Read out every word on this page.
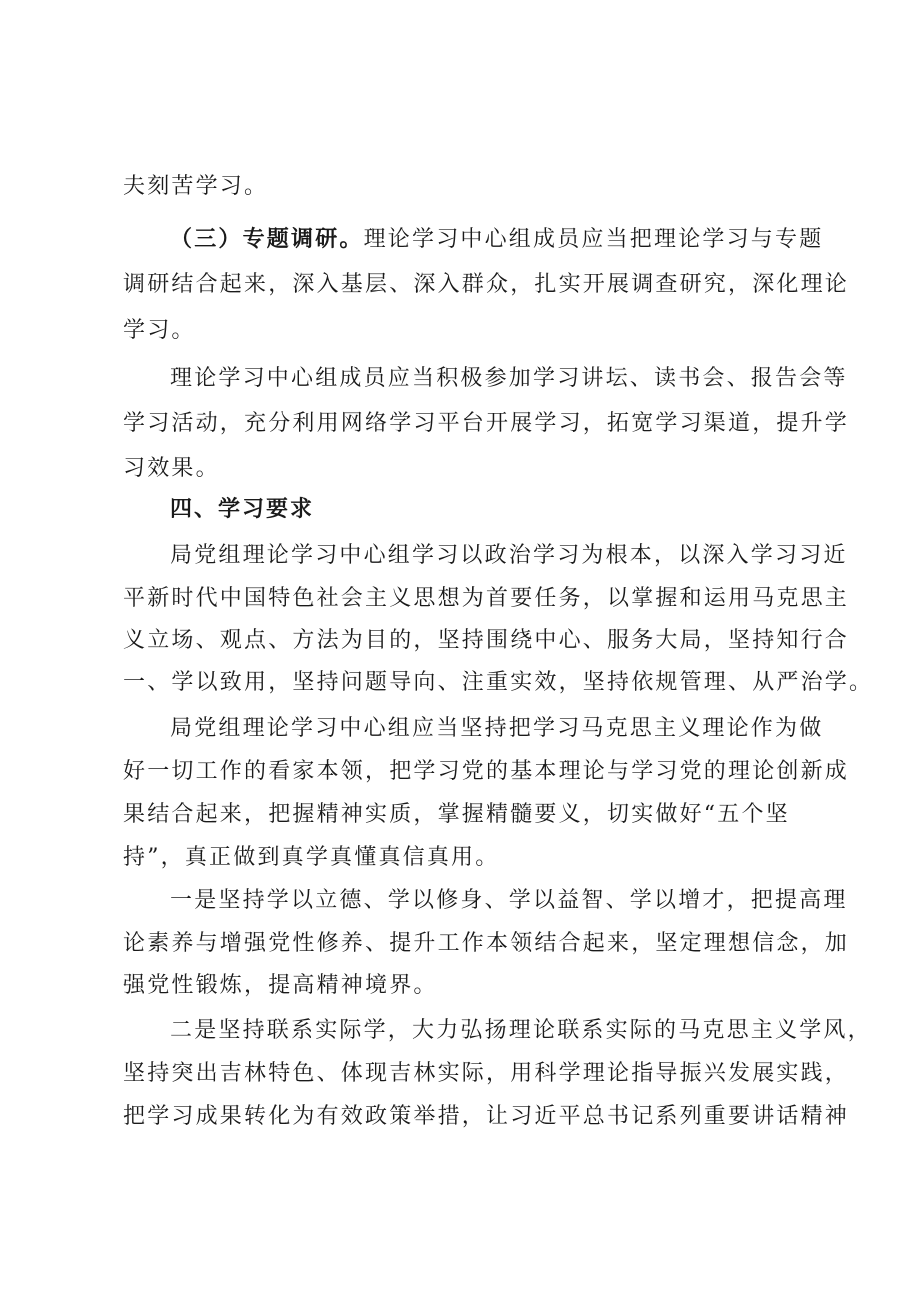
夫刻苦学习。
（三）专题调研。理论学习中心组成员应当把理论学习与专题
调研结合起来，深入基层、深入群众，扎实开展调查研究，深化理论
学习。
理论学习中心组成员应当积极参加学习讲坛、读书会、报告会等
学习活动，充分利用网络学习平台开展学习，拓宽学习渠道，提升学
习效果。
四、学习要求
局党组理论学习中心组学习以政治学习为根本，以深入学习习近
平新时代中国特色社会主义思想为首要任务，以掌握和运用马克思主
义立场、观点、方法为目的，坚持围绕中心、服务大局，坚持知行合
一、学以致用，坚持问题导向、注重实效，坚持依规管理、从严治学。
局党组理论学习中心组应当坚持把学习马克思主义理论作为做
好一切工作的看家本领，把学习党的基本理论与学习党的理论创新成
果结合起来，把握精神实质，掌握精髓要义，切实做好“五个坚
持”，真正做到真学真懂真信真用。
一是坚持学以立德、学以修身、学以益智、学以增才，把提高理
论素养与增强党性修养、提升工作本领结合起来，坚定理想信念，加
强党性锻炼，提高精神境界。
二是坚持联系实际学，大力弘扬理论联系实际的马克思主义学风，
坚持突出吉林特色、体现吉林实际，用科学理论指导振兴发展实践，
把学习成果转化为有效政策举措，让习近平总书记系列重要讲话精神
